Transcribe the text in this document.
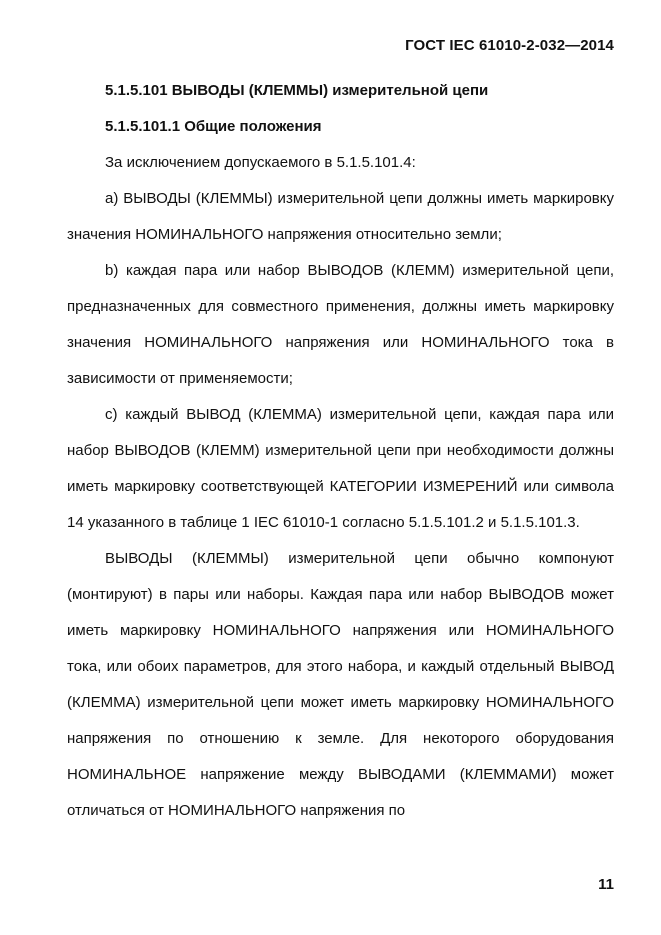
ГОСТ IEC 61010-2-032—2014

5.1.5.101 ВЫВОДЫ (КЛЕММЫ) измерительной цепи

5.1.5.101.1 Общие положения

За исключением допускаемого в 5.1.5.101.4:

a) ВЫВОДЫ (КЛЕММЫ) измерительной цепи должны иметь маркировку значения НОМИНАЛЬНОГО напряжения относительно земли;

b) каждая пара или набор ВЫВОДОВ (КЛЕММ) измерительной цепи, предназначенных для совместного применения, должны иметь маркировку значения НОМИНАЛЬНОГО напряжения или НОМИНАЛЬНОГО тока в зависимости от применяемости;

c) каждый ВЫВОД (КЛЕММА) измерительной цепи, каждая пара или набор ВЫВОДОВ (КЛЕММ) измерительной цепи при необходимости должны иметь маркировку соответствующей КАТЕГОРИИ ИЗМЕРЕНИЙ или символа 14 указанного в таблице 1 IEC 61010-1 согласно 5.1.5.101.2 и 5.1.5.101.3.

ВЫВОДЫ (КЛЕММЫ) измерительной цепи обычно компонуют (монтируют) в пары или наборы. Каждая пара или набор ВЫВОДОВ может иметь маркировку НОМИНАЛЬНОГО напряжения или НОМИНАЛЬНОГО тока, или обоих параметров, для этого набора, и каждый отдельный ВЫВОД (КЛЕММА) измерительной цепи может иметь маркировку НОМИНАЛЬНОГО напряжения по отношению к земле. Для некоторого оборудования НОМИНАЛЬНОЕ напряжение между ВЫВОДАМИ (КЛЕММАМИ) может отличаться от НОМИНАЛЬНОГО напряжения по

11
